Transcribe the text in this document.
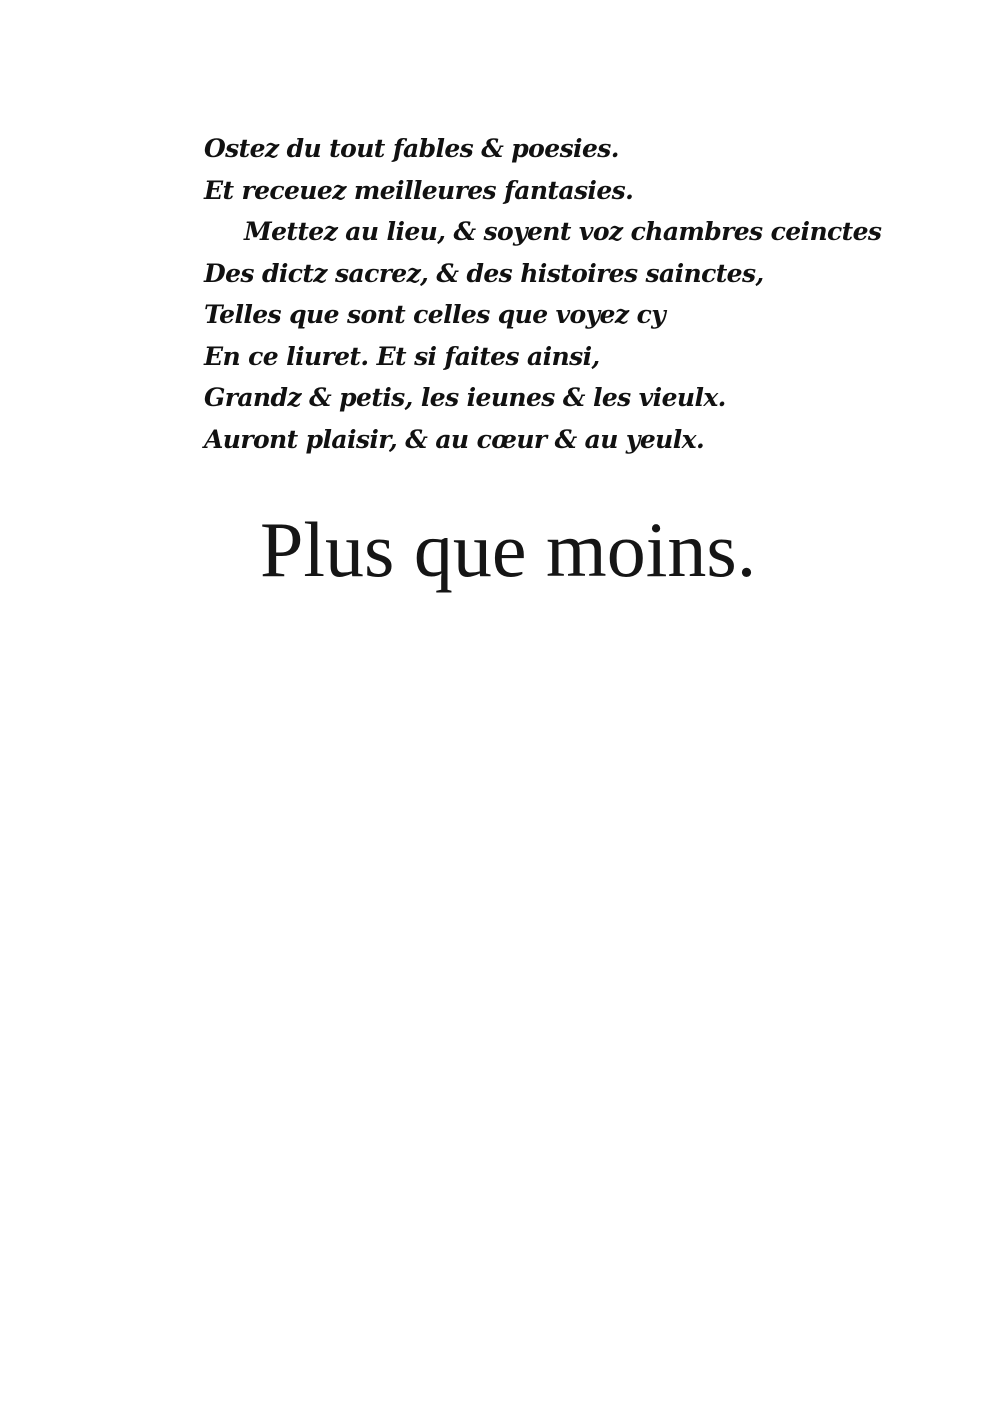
Ostez du tout fables & poesies.
Et receuez meilleures fantasies.
Mettez au lieu, & soyent voz chambres ceinctes
Des dictz sacrez, & des histoires sainctes,
Telles que sont celles que voyez cy
En ce liuret. Et si faites ainsi,
Grandz & petis, les ieunes & les vieulx.
Auront plaisir, & au cœur & au yeulx.
Plus que moins.
